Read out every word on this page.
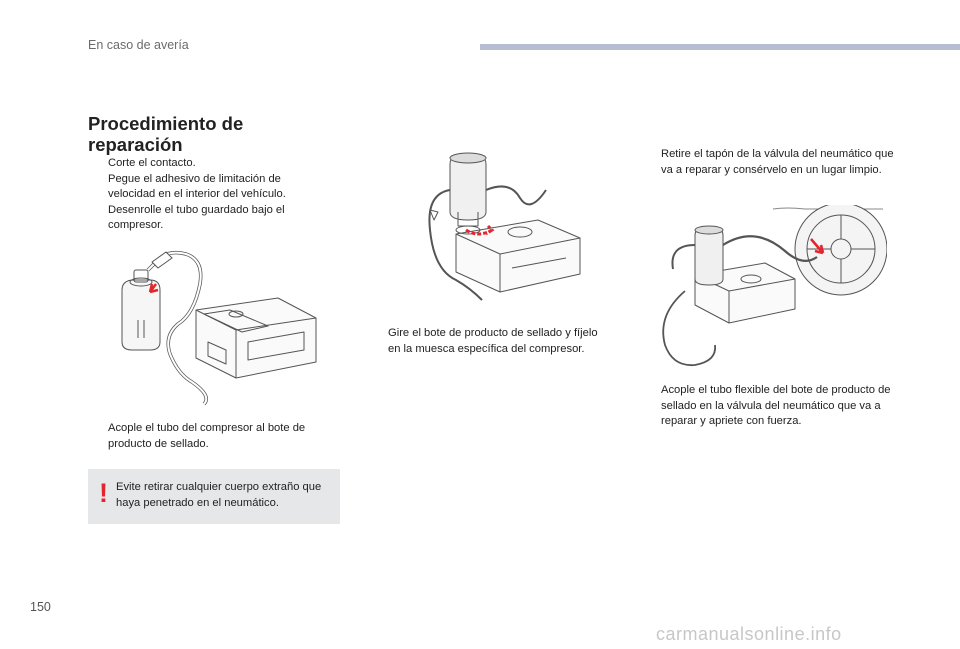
En caso de avería
Procedimiento de reparación
Corte el contacto.
Pegue el adhesivo de limitación de velocidad en el interior del vehículo.
Desenrolle el tubo guardado bajo el compresor.
Acople el tubo del compresor al bote de producto de sellado.
! Evite retirar cualquier cuerpo extraño que haya penetrado en el neumático.
Gire el bote de producto de sellado y fíjelo en la muesca específica del compresor.
Retire el tapón de la válvula del neumático que va a reparar y consérvelo en un lugar limpio.
Acople el tubo flexible del bote de producto de sellado en la válvula del neumático que va a reparar y apriete con fuerza.
150
carmanualsonline.info
